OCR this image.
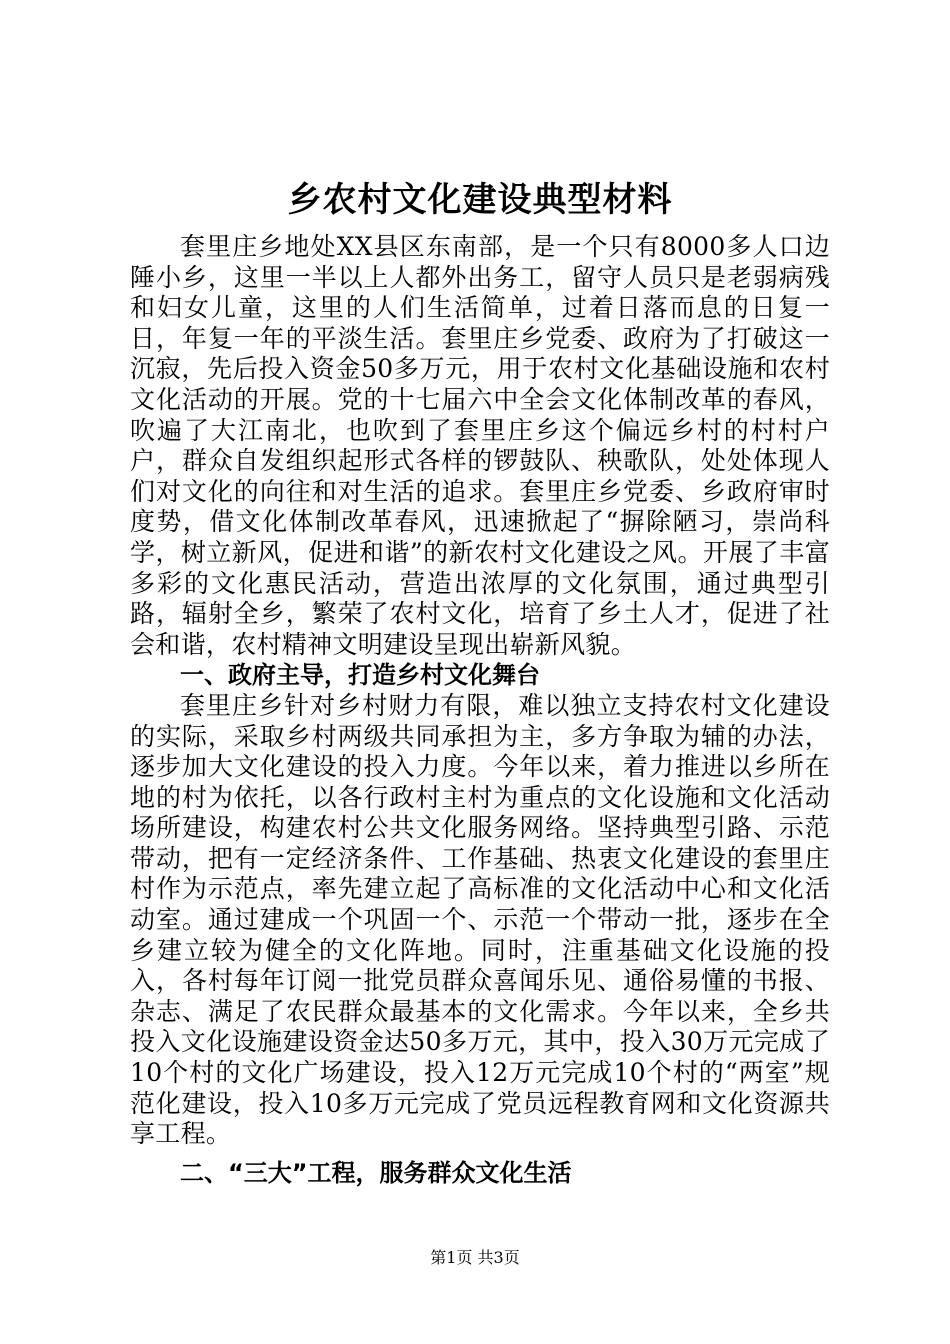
乡农村文化建设典型材料

套里庄乡地处XX县区东南部，是一个只有8000多人口边陲小乡，这里一半以上人都外出务工，留守人员只是老弱病残和妇女儿童，这里的人们生活简单，过着日落而息的日复一日，年复一年的平淡生活。套里庄乡党委、政府为了打破这一沉寂，先后投入资金50多万元，用于农村文化基础设施和农村文化活动的开展。党的十七届六中全会文化体制改革的春风，吹遍了大江南北，也吹到了套里庄乡这个偏远乡村的村村户户，群众自发组织起形式各样的锣鼓队、秧歌队，处处体现人们对文化的向往和对生活的追求。套里庄乡党委、乡政府审时度势，借文化体制改革春风，迅速掀起了“摒除陋习，崇尚科学，树立新风，促进和谐”的新农村文化建设之风。开展了丰富多彩的文化惠民活动，营造出浓厚的文化氛围，通过典型引路，辐射全乡，繁荣了农村文化，培育了乡土人才，促进了社会和谐，农村精神文明建设呈现出崭新风貌。

一、政府主导，打造乡村文化舞台

套里庄乡针对乡村财力有限，难以独立支持农村文化建设的实际，采取乡村两级共同承担为主，多方争取为辅的办法，逐步加大文化建设的投入力度。今年以来，着力推进以乡所在地的村为依托，以各行政村主村为重点的文化设施和文化活动场所建设，构建农村公共文化服务网络。坚持典型引路、示范带动，把有一定经济条件、工作基础、热衷文化建设的套里庄村作为示范点，率先建立起了高标准的文化活动中心和文化活动室。通过建成一个巩固一个、示范一个带动一批，逐步在全乡建立较为健全的文化阵地。同时，注重基础文化设施的投入，各村每年订阅一批党员群众喜闻乐见、通俗易懂的书报、杂志、满足了农民群众最基本的文化需求。今年以来，全乡共投入文化设施建设资金达50多万元，其中，投入30万元完成了10个村的文化广场建设，投入12万元完成10个村的“两室”规范化建设，投入10多万元完成了党员远程教育网和文化资源共享工程。

二、“三大”工程，服务群众文化生活

第1页 共3页
